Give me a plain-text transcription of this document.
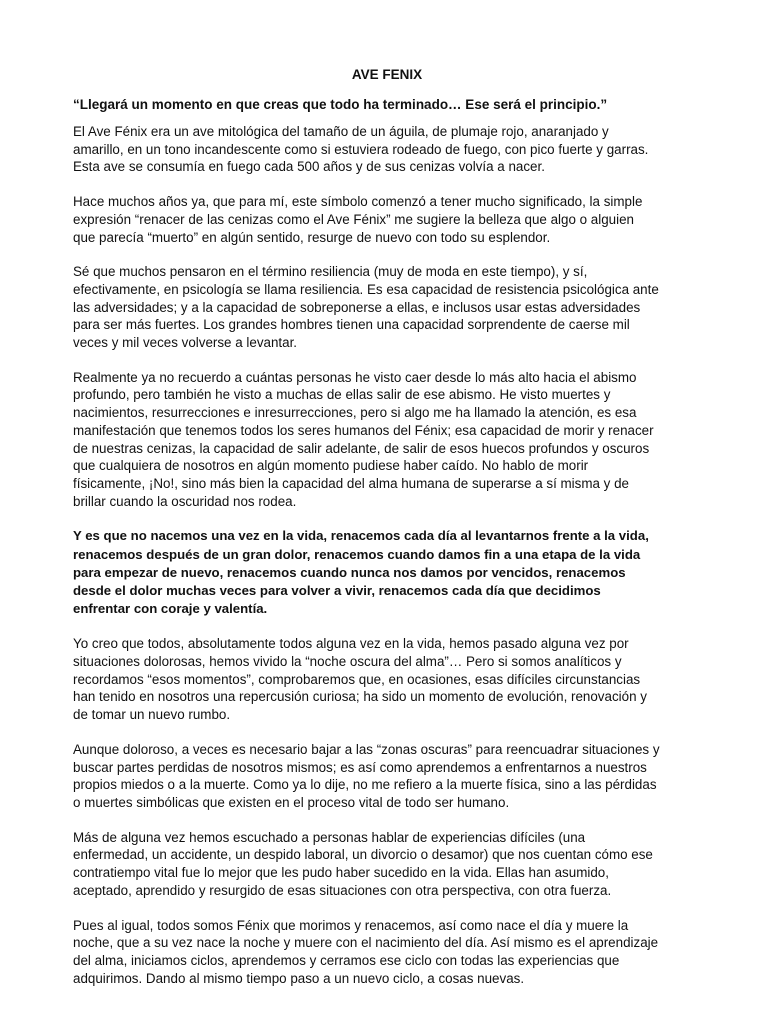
AVE FENIX
“Llegará un momento en que creas que todo ha terminado… Ese será el principio.”
El Ave Fénix era un ave mitológica del tamaño de un águila, de plumaje rojo, anaranjado y
amarillo, en un tono incandescente como si estuviera rodeado de fuego, con pico fuerte y garras.
Esta ave se consumía en fuego cada 500 años y de sus cenizas volvía a nacer.
Hace muchos años ya, que para mí, este símbolo comenzó a tener mucho significado, la simple
expresión “renacer de las cenizas como el Ave Fénix” me sugiere la belleza que algo o alguien
que parecía “muerto” en algún sentido, resurge de nuevo con todo su esplendor.
Sé que muchos pensaron en el término resiliencia (muy de moda en este tiempo), y sí,
efectivamente, en psicología se llama resiliencia. Es esa capacidad de resistencia psicológica ante
las adversidades; y a la capacidad de sobreponerse a ellas, e inclusos usar estas adversidades
para ser más fuertes. Los grandes hombres tienen una capacidad sorprendente de caerse mil
veces y mil veces volverse a levantar.
Realmente ya no recuerdo a cuántas personas he visto caer desde lo más alto hacia el abismo
profundo, pero también he visto a muchas de ellas salir de ese abismo. He visto muertes y
nacimientos, resurrecciones e inresurrecciones, pero si algo me ha llamado la atención, es esa
manifestación que tenemos todos los seres humanos del Fénix; esa capacidad de morir y renacer
de nuestras cenizas, la capacidad de salir adelante, de salir de esos huecos profundos y oscuros
que cualquiera de nosotros en algún momento pudiese haber caído. No hablo de morir
físicamente, ¡No!, sino más bien la capacidad del alma humana de superarse a sí misma y de
brillar cuando la oscuridad nos rodea.
Y es que no nacemos una vez en la vida, renacemos cada día al levantarnos frente a la vida,
renacemos después de un gran dolor, renacemos cuando damos fin a una etapa de la vida
para empezar de nuevo, renacemos cuando nunca nos damos por vencidos, renacemos
desde el dolor muchas veces para volver a vivir, renacemos cada día que decidimos
enfrentar con coraje y valentía.
Yo creo que todos, absolutamente todos alguna vez en la vida, hemos pasado alguna vez por
situaciones dolorosas, hemos vivido la “noche oscura del alma”… Pero si somos analíticos y
recordamos “esos momentos”, comprobaremos que, en ocasiones, esas difíciles circunstancias
han tenido en nosotros una repercusión curiosa; ha sido un momento de evolución, renovación y
de tomar un nuevo rumbo.
Aunque doloroso, a veces es necesario bajar a las “zonas oscuras” para reencuadrar situaciones y
buscar partes perdidas de nosotros mismos; es así como aprendemos a enfrentarnos a nuestros
propios miedos o a la muerte. Como ya lo dije, no me refiero a la muerte física, sino a las pérdidas
o muertes simbólicas que existen en el proceso vital de todo ser humano.
Más de alguna vez hemos escuchado a personas hablar de experiencias difíciles (una
enfermedad, un accidente, un despido laboral, un divorcio o desamor) que nos cuentan cómo ese
contratiempo vital fue lo mejor que les pudo haber sucedido en la vida. Ellas han asumido,
aceptado, aprendido y resurgido de esas situaciones con otra perspectiva, con otra fuerza.
Pues al igual, todos somos Fénix que morimos y renacemos, así como nace el día y muere la
noche, que a su vez nace la noche y muere con el nacimiento del día. Así mismo es el aprendizaje
del alma, iniciamos ciclos, aprendemos y cerramos ese ciclo con todas las experiencias que
adquirimos. Dando al mismo tiempo paso a un nuevo ciclo, a cosas nuevas.
